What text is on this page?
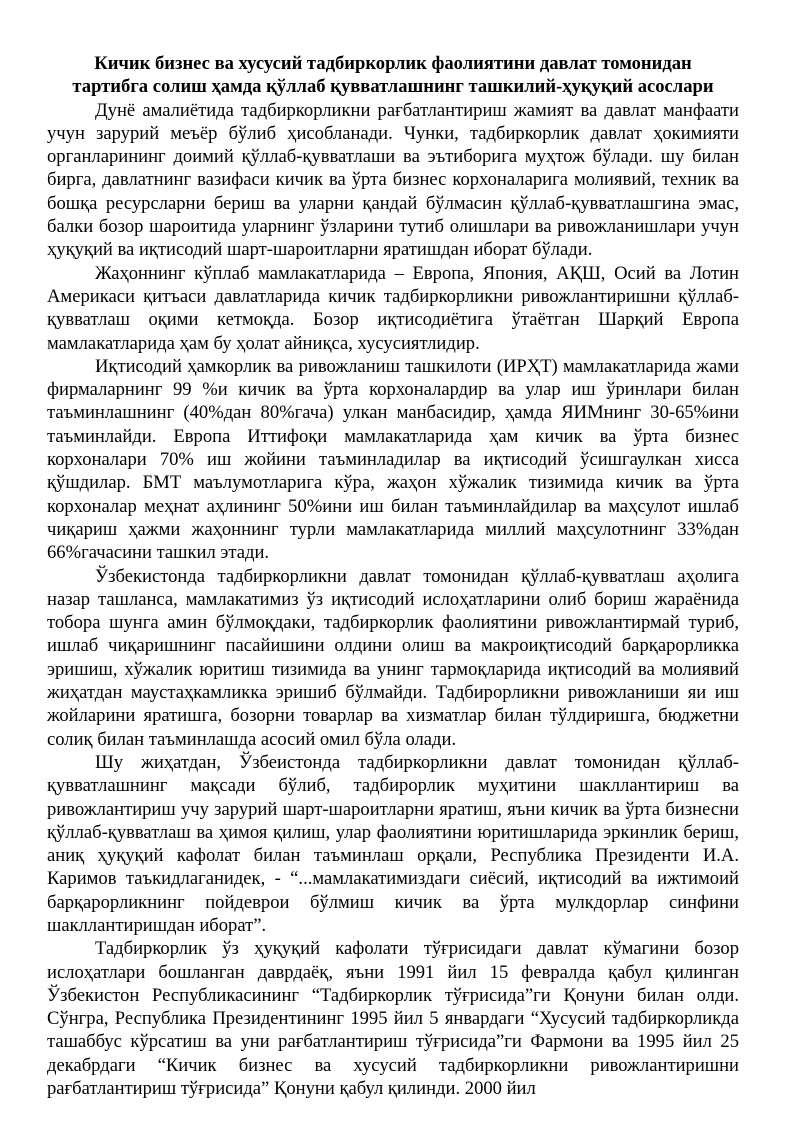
Кичик бизнес ва хусусий тадбиркорлик фаолиятини давлат томонидан
тартибга солиш ҳамда қўллаб қувватлашнинг ташкилий-ҳуқуқий асослари

Дунё амалиётида тадбиркорликни рағбатлантириш жамият ва давлат манфаати учун зарурий меъёр бўлиб ҳисобланади. Чунки, тадбиркорлик давлат ҳокимияти органларининг доимий қўллаб-қувватлаши ва эътиборига муҳтож бўлади. шу билан бирга, давлатнинг вазифаси кичик ва ўрта бизнес корхоналарига молиявий, техник ва бошқа ресурсларни бериш ва уларни қандай бўлмасин қўллаб-қувватлашгина эмас, балки бозор шароитида уларнинг ўзларини тутиб олишлари ва ривожланишлари учун ҳуқуқий ва иқтисодий шарт-шароитларни яратишдан иборат бўлади.

Жаҳоннинг кўплаб мамлакатларида – Европа, Япония, АҚШ, Осий ва Лотин Америкаси қитъаси давлатларида кичик тадбиркорликни ривожлантиришни қўллаб-қувватлаш оқими кетмоқда. Бозор иқтисодиётига ўтаётган Шарқий Европа мамлакатларида ҳам бу ҳолат айниқса, хусусиятлидир.

Иқтисодий ҳамкорлик ва ривожланиш ташкилоти (ИРҲТ) мамлакатларида жами фирмаларнинг 99 %и кичик ва ўрта корхоналардир ва улар иш ўринлари билан таъминлашнинг (40%дан 80%гача) улкан манбасидир, ҳамда ЯИМнинг 30-65%ини таъминлайди. Европа Иттифоқи мамлакатларида ҳам кичик ва ўрта бизнес корхоналари 70% иш жойини таъминладилар ва иқтисодий ўсишгаулкан хисса қўшдилар. БМТ маълумотларига кўра, жаҳон хўжалик тизимида кичик ва ўрта корхоналар меҳнат аҳлининг 50%ини иш билан таъминлайдилар ва маҳсулот ишлаб чиқариш ҳажми жаҳоннинг турли мамлакатларида миллий маҳсулотнинг 33%дан 66%гачасини ташкил этади.

Ўзбекистонда тадбиркорликни давлат томонидан қўллаб-қувватлаш аҳолига назар ташланса, мамлакатимиз ўз иқтисодий ислоҳатларини олиб бориш жараёнида тобора шунга амин бўлмоқдаки, тадбиркорлик фаолиятини ривожлантирмай туриб, ишлаб чиқаришнинг пасайишини олдини олиш ва макроиқтисодий барқарорликка эришиш, хўжалик юритиш тизимида ва унинг тармоқларида иқтисодий ва молиявий жиҳатдан маустаҳкамликка эришиб бўлмайди. Тадбирорликни ривожланиши яи иш жойларини яратишга, бозорни товарлар ва хизматлар билан тўлдиришга, бюджетни солиқ билан таъминлашда асосий омил бўла олади.

Шу жиҳатдан, Ўзбеистонда тадбиркорликни давлат томонидан қўллаб-қувватлашнинг мақсади бўлиб, тадбирорлик муҳитини шакллантириш ва ривожлантириш учу зарурий шарт-шароитларни яратиш, яъни кичик ва ўрта бизнесни қўллаб-қувватлаш ва ҳимоя қилиш, улар фаолиятини юритишларида эркинлик бериш, аниқ ҳуқуқий кафолат билан таъминлаш орқали, Республика Президенти И.А. Каримов таъкидлаганидек, - “...мамлакатимиздаги сиёсий, иқтисодий ва ижтимоий барқарорликнинг пойдеврои бўлмиш кичик ва ўрта мулкдорлар синфини шакллантиришдан иборат”.

Тадбиркорлик ўз ҳуқуқий кафолати тўғрисидаги давлат кўмагини бозор ислоҳатлари бошланган даврдаёқ, яъни 1991 йил 15 февралда қабул қилинган Ўзбекистон Республикасининг “Тадбиркорлик тўғрисида”ги Қонуни билан олди. Сўнгра, Республика Президентининг 1995 йил 5 январдаги “Хусусий тадбиркорликда ташаббус кўрсатиш ва уни рағбатлантириш тўғрисида”ги Фармони ва 1995 йил 25 декабрдаги “Кичик бизнес ва хусусий тадбиркорликни ривожлантиришни рағбатлантириш тўғрисида” Қонуни қабул қилинди. 2000 йил
